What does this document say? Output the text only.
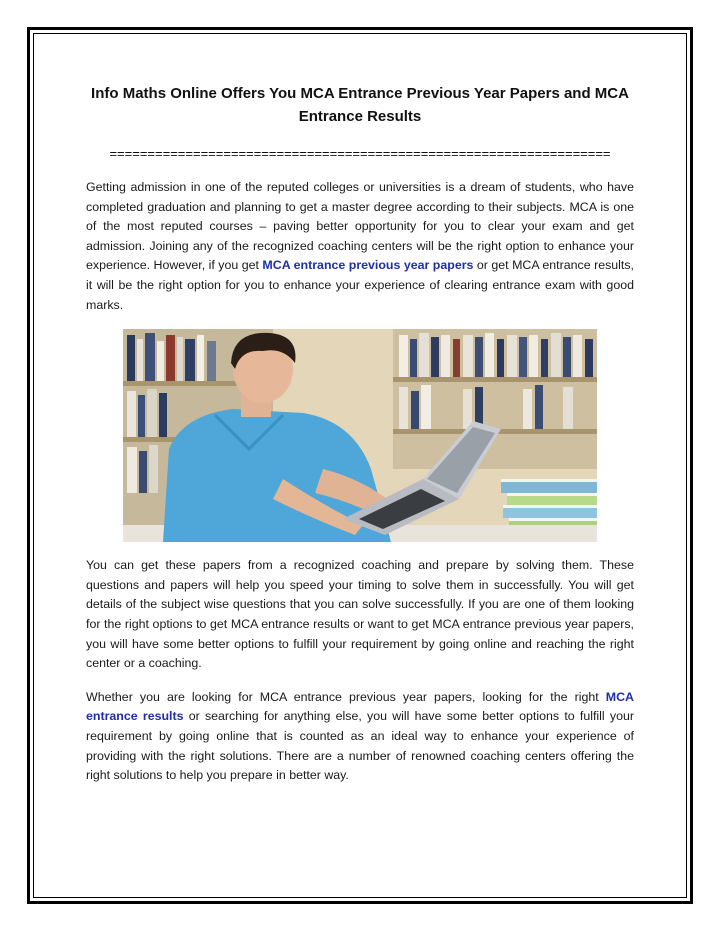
Info Maths Online Offers You MCA Entrance Previous Year Papers and MCA Entrance Results
==================================================================

Getting admission in one of the reputed colleges or universities is a dream of students, who have completed graduation and planning to get a master degree according to their subjects. MCA is one of the most reputed courses – paving better opportunity for you to clear your exam and get admission. Joining any of the recognized coaching centers will be the right option to enhance your experience. However, if you get MCA entrance previous year papers or get MCA entrance results, it will be the right option for you to enhance your experience of clearing entrance exam with good marks.

You can get these papers from a recognized coaching and prepare by solving them. These questions and papers will help you speed your timing to solve them in successfully. You will get details of the subject wise questions that you can solve successfully. If you are one of them looking for the right options to get MCA entrance results or want to get MCA entrance previous year papers, you will have some better options to fulfill your requirement by going online and reaching the right center or a coaching.

Whether you are looking for MCA entrance previous year papers, looking for the right MCA entrance results or searching for anything else, you will have some better options to fulfill your requirement by going online that is counted as an ideal way to enhance your experience of providing with the right solutions. There are a number of renowned coaching centers offering the right solutions to help you prepare in better way.
